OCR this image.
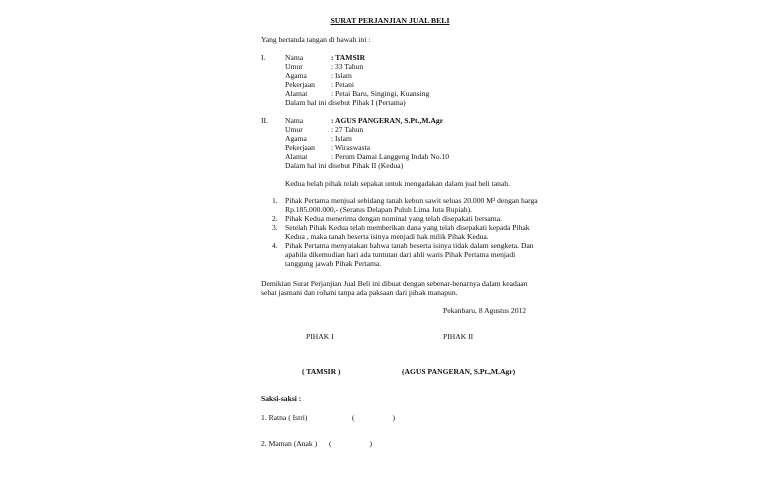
SURAT PERJANJIAN JUAL BELI
Yang bertanda tangan di bawah ini :
I.	Nama	: TAMSIR
Umur	: 33 Tahun
Agama	: Islam
Pekerjaan : Petani
Alamat	: Petai Baru, Singingi, Kuansing
Dalam hal ini disebut Pihak I (Pertama)
II. Nama	: AGUS PANGERAN, S.Pt.,M.Agr
Umur	: 27 Tahun
Agama	: Islam
Pekerjaan : Wiraswasta
Alamat	: Perum Damai Langgeng Indah No.10
Dalam hal ini disebut Pihak II (Kedua)
Kedua belah pihak telah sepakat untuk mengadakan dalam jual beli tanah.
1. Pihak Pertama menjual sebidang tanah kebun sawit seluas 20.000 M² dengan harga
Rp.185.000.000,- (Seratus Delapan Puluh Lima Juta Rupiah).
2. Pihak Kedua menerima dengan nominal yang telah disepakati bersama.
3. Setelah Pihak Kedua telah memberikan dana yang telah disepakati kepada Pihak
Kedua , maka tanah beserta isinya menjadi hak milik Pihak Kedua.
4. Pihak Pertama menyatakan bahwa tanah beserta isinya tidak dalam sengketa. Dan
apabila dikemudian hari ada tuntutan dari ahli waris Pihak Pertama menjadi
tanggung jawab Pihak Pertama.
Demikian Surat Perjanjian Jual Beli ini dibuat dengan sebenar-benarnya dalam keadaan
sehat jasmani dan rohani tanpa ada paksaan dari pihak manapun.
Pekanbaru, 8 Agustus 2012
PIHAK I	PIHAK II
( TAMSIR )	(AGUS PANGERAN, S.Pt.,M.Agr)
Saksi-saksi :
1. Ratna ( Istri)	(                    )
2. Maman (Anak ) (                    )
